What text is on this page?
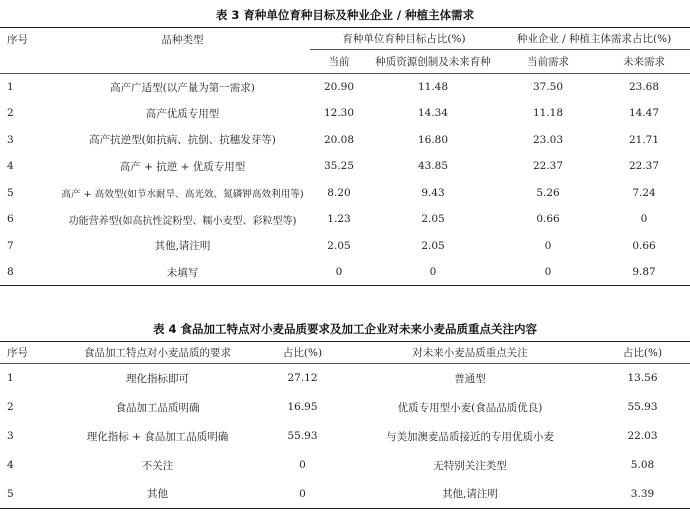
表 3 育种单位育种目标及种业企业 / 种植主体需求
序号	品种类型	育种单位育种目标占比(%)		种业企业 / 种植主体需求占比(%)	
		当前	种质资源创制及未来育种	当前需求	未来需求
1	高产广适型(以产量为第一需求)	20.90	11.48	37.50	23.68
2	高产优质专用型	12.30	14.34	11.18	14.47
3	高产抗逆型(如抗病、抗倒、抗穗发芽等)	20.08	16.80	23.03	21.71
4	高产 + 抗逆 + 优质专用型	35.25	43.85	22.37	22.37
5	高产 + 高效型(如节水耐旱、高光效、氮磷钾高效利用等)	8.20	9.43	5.26	7.24
6	功能营养型(如高抗性淀粉型、糯小麦型、彩粒型等)	1.23	2.05	0.66	0
7	其他,请注明	2.05	2.05	0	0.66
8	未填写	0	0	0	9.87
表 4 食品加工特点对小麦品质要求及加工企业对未来小麦品质重点关注内容
序号	食品加工特点对小麦品质的要求	占比(%)	对未来小麦品质重点关注	占比(%)
1	理化指标即可	27.12	普通型	13.56
2	食品加工品质明确	16.95	优质专用型小麦(食品品质优良)	55.93
3	理化指标 + 食品加工品质明确	55.93	与美加澳麦品质接近的专用优质小麦	22.03
4	不关注	0	无特别关注类型	5.08
5	其他	0	其他,请注明	3.39
